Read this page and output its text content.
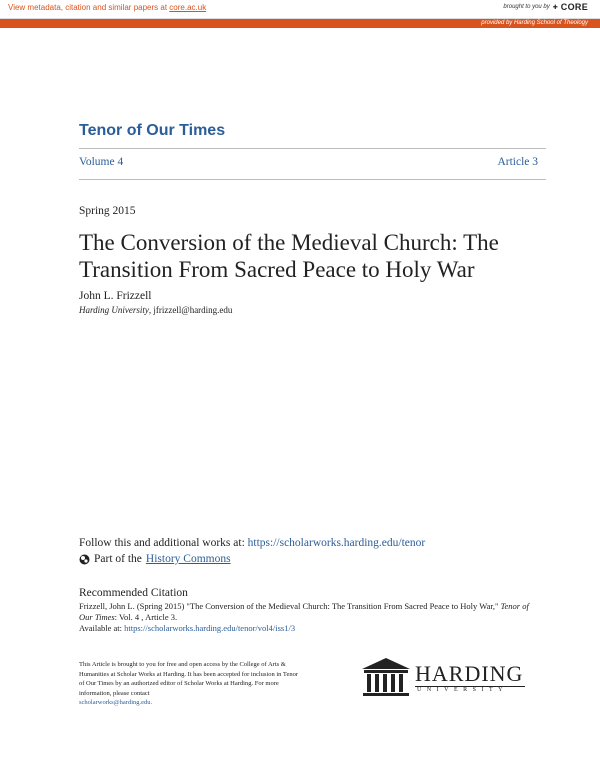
View metadata, citation and similar papers at core.ac.uk	brought to you by ✚ CORE
provided by Harding School of Theology
Tenor of Our Times
Volume 4	Article 3
Spring 2015
The Conversion of the Medieval Church: The Transition From Sacred Peace to Holy War
John L. Frizzell
Harding University, jfrizzell@harding.edu
Follow this and additional works at: https://scholarworks.harding.edu/tenor
Part of the History Commons
Recommended Citation
Frizzell, John L. (Spring 2015) "The Conversion of the Medieval Church: The Transition From Sacred Peace to Holy War," Tenor of Our Times: Vol. 4 , Article 3.
Available at: https://scholarworks.harding.edu/tenor/vol4/iss1/3
This Article is brought to you for free and open access by the College of Arts & Humanities at Scholar Works at Harding. It has been accepted for inclusion in Tenor of Our Times by an authorized editor of Scholar Works at Harding. For more information, please contact
scholarworks@harding.edu.
HARDING
UNIVERSITY
